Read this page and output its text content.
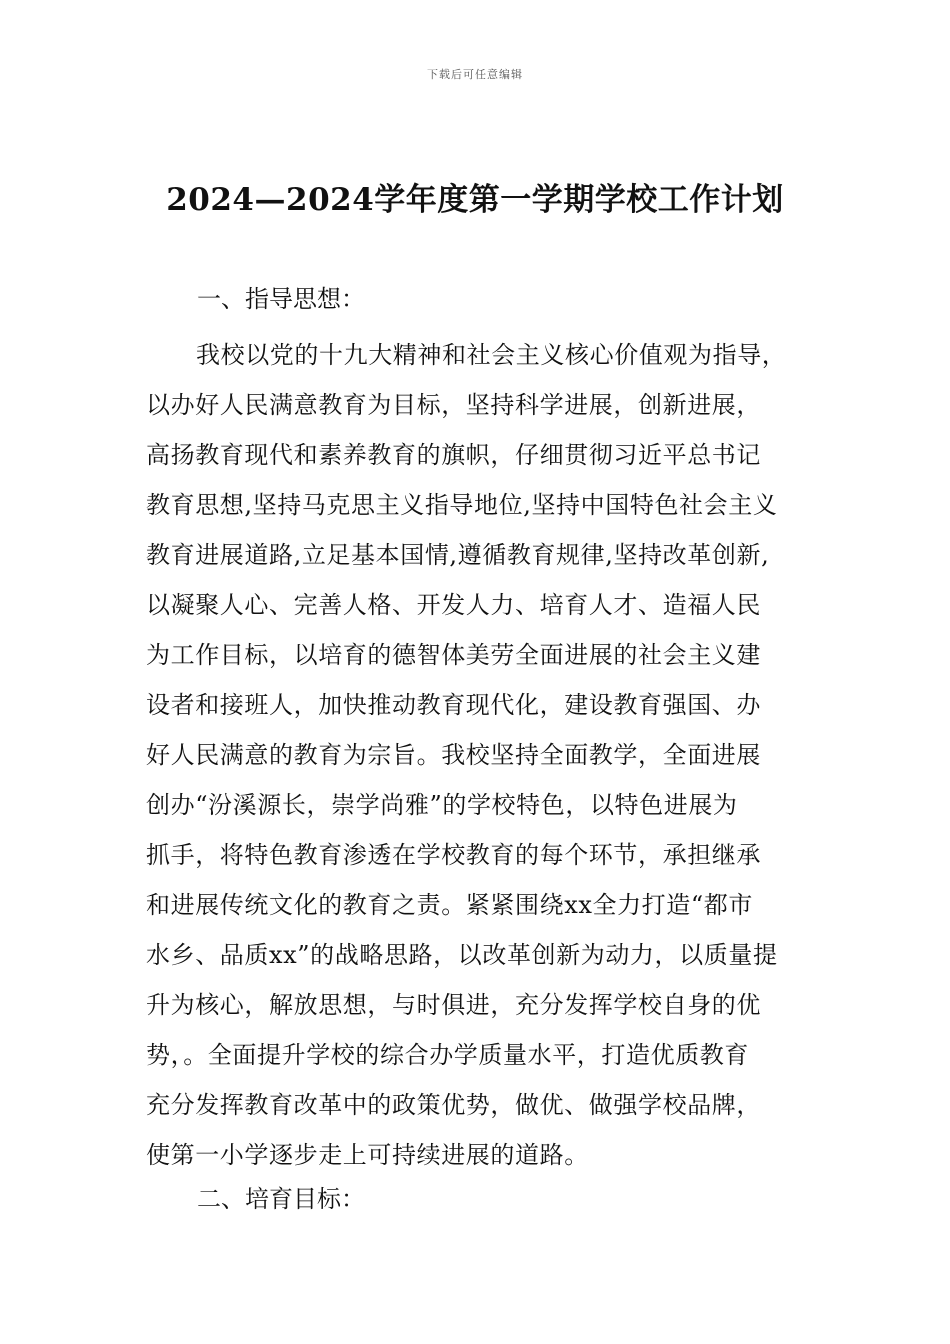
下载后可任意编辑
2024—2024学年度第一学期学校工作计划
一、指导思想：
我校以党的十九大精神和社会主义核心价值观为指导，
以办好人民满意教育为目标，坚持科学进展，创新进展，
高扬教育现代和素养教育的旗帜，仔细贯彻习近平总书记
教育思想,坚持马克思主义指导地位,坚持中国特色社会主义
教育进展道路,立足基本国情,遵循教育规律,坚持改革创新,
以凝聚人心、完善人格、开发人力、培育人才、造福人民
为工作目标，以培育的德智体美劳全面进展的社会主义建
设者和接班人，加快推动教育现代化，建设教育强国、办
好人民满意的教育为宗旨。我校坚持全面教学，全面进展
创办“汾溪源长，崇学尚雅”的学校特色，以特色进展为
抓手，将特色教育渗透在学校教育的每个环节，承担继承
和进展传统文化的教育之责。紧紧围绕xx全力打造“都市
水乡、品质xx”的战略思路，以改革创新为动力，以质量提
升为核心，解放思想，与时俱进，充分发挥学校自身的优
势，。全面提升学校的综合办学质量水平，打造优质教育
充分发挥教育改革中的政策优势，做优、做强学校品牌，
使第一小学逐步走上可持续进展的道路。
二、培育目标：
